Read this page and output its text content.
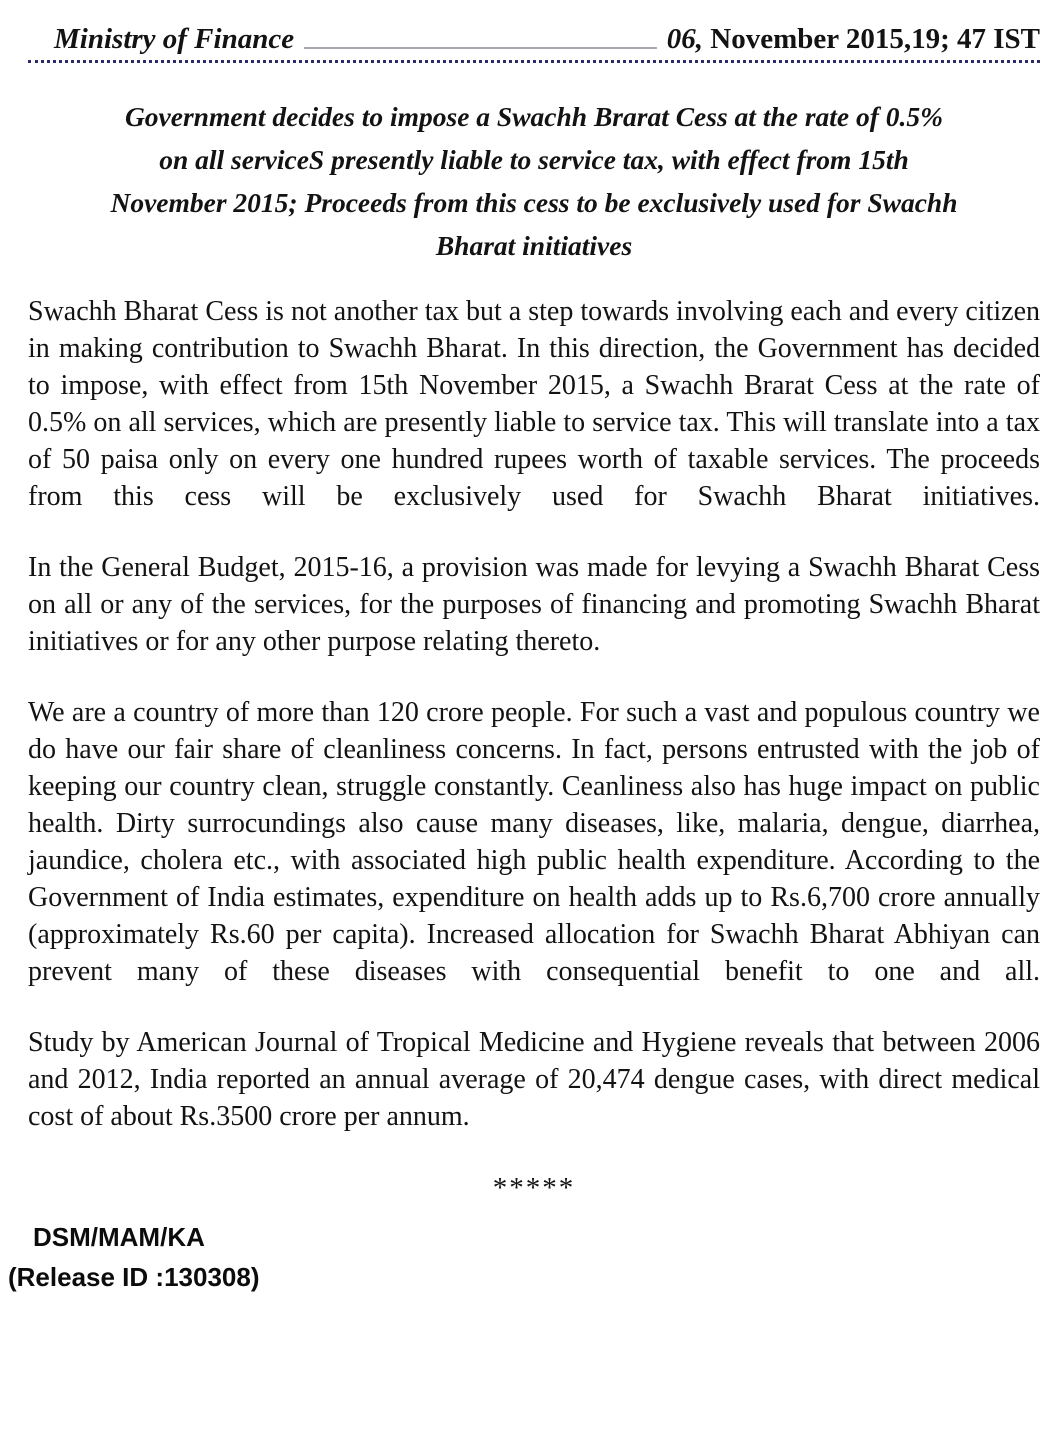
Ministry of Finance	06, November 2015,19; 47 IST
Government decides to impose a Swachh Brarat Cess at the rate of 0.5%
on all serviceS presently liable to service tax, with effect from 15th
November 2015; Proceeds from this cess to be exclusively used for Swachh
Bharat initiatives

Swachh Bharat Cess is not another tax but a step towards involving each and every citizen in making contribution to Swachh Bharat. In this direction, the Government has decided to impose, with effect from 15th November 2015, a Swachh Brarat Cess at the rate of 0.5% on all services, which are presently liable to service tax. This will translate into a tax of 50 paisa only on every one hundred rupees worth of taxable services. The proceeds from this cess will be exclusively used for Swachh Bharat initiatives.

In the General Budget, 2015-16, a provision was made for levying a Swachh Bharat Cess on all or any of the services, for the purposes of financing and promoting Swachh Bharat initiatives or for any other purpose relating thereto.

We are a country of more than 120 crore people. For such a vast and populous country we do have our fair share of cleanliness concerns. In fact, persons entrusted with the job of keeping our country clean, struggle constantly. Ceanliness also has huge impact on public health. Dirty surrocundings also cause many diseases, like, malaria, dengue, diarrhea, jaundice, cholera etc., with associated high public health expenditure. According to the Government of India estimates, expenditure on health adds up to Rs.6,700 crore annually (approximately Rs.60 per capita). Increased allocation for Swachh Bharat Abhiyan can prevent many of these diseases with consequential benefit to one and all.

Study by American Journal of Tropical Medicine and Hygiene reveals that between 2006 and 2012, India reported an annual average of 20,474 dengue cases, with direct medical cost of about Rs.3500 crore per annum.

*****
DSM/MAM/KA
(Release ID :130308)
